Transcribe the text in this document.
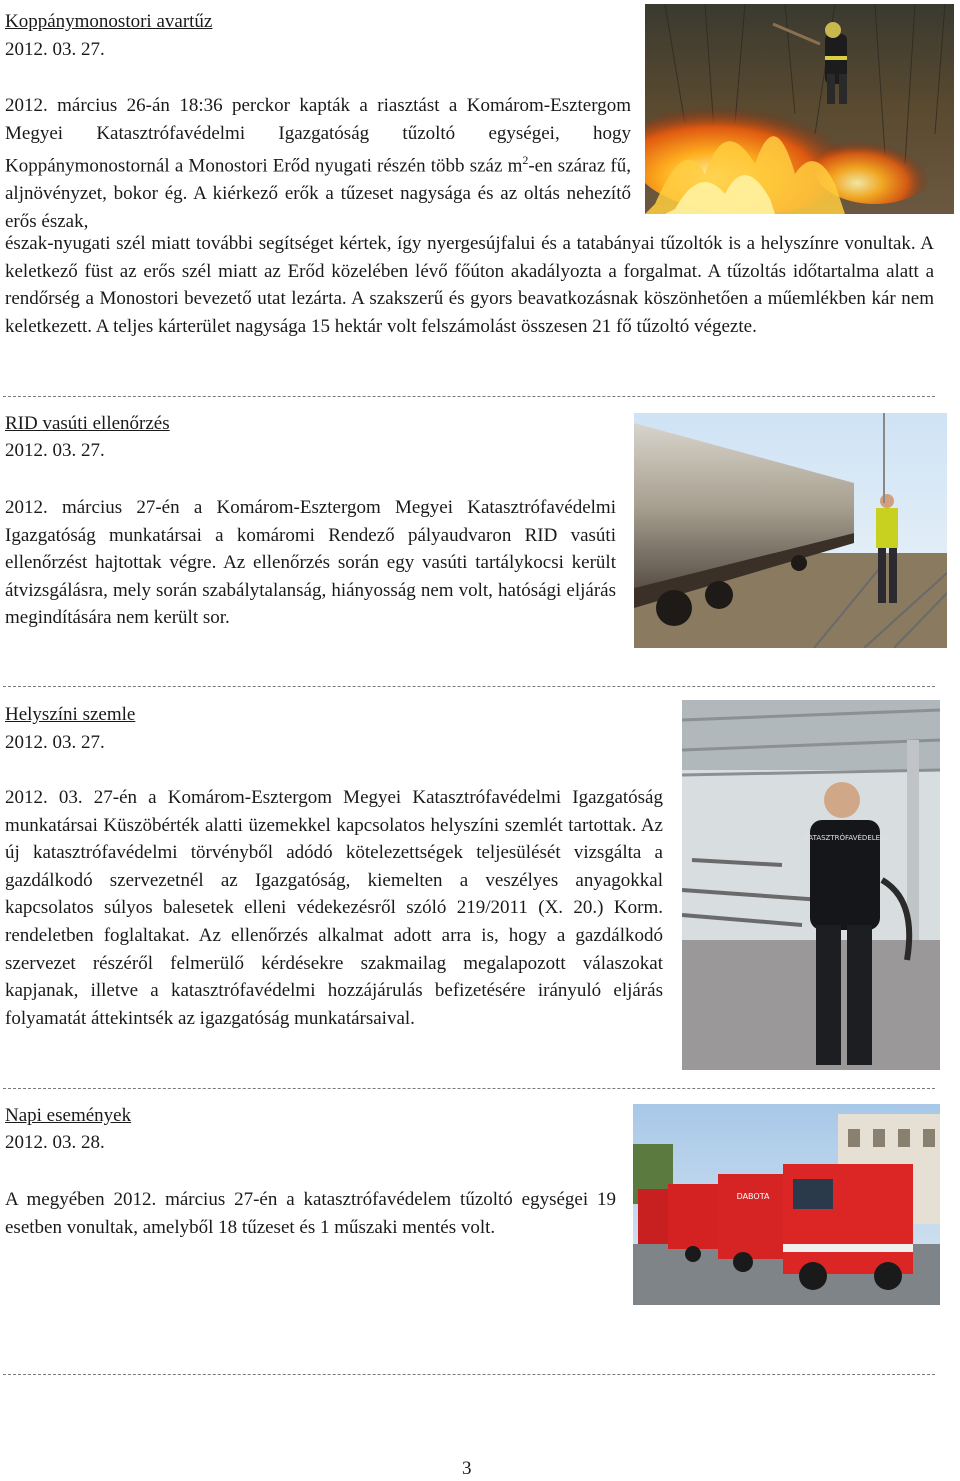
Koppánymonostori avartűz
2012. 03. 27.

2012. március 26-án 18:36 perckor kapták a riasztást a Komárom-Esztergom Megyei Katasztrófavédelmi Igazgatóság tűzoltó egységei, hogy Koppánymonostornál a Monostori Erőd nyugati részén több száz $m^2-en$ száraz fű, aljnövényzet, bokor ég. A kiérkező erők a tűzeset nagysága és az oltás nehezítő erős észak,

észak-nyugati szél miatt további segítséget kértek, így nyergesújfalui és a tatabányai tűzoltók is a helyszínre vonultak. A keletkező füst az erős szél miatt az Erőd közelében lévő főúton akadályozta a forgalmat. A tűzoltás időtartalma alatt a rendőrség a Monostori bevezető utat lezárta. A szakszerű és gyors beavatkozásnak köszönhetően a műemlékben kár nem keletkezett. A teljes kárterület nagysága 15 hektár volt felszámolást összesen 21 fő tűzoltó végezte.

RID vasúti ellenőrzés
2012. 03. 27.

2012. március 27-én a Komárom-Esztergom Megyei Katasztrófavédelmi Igazgatóság munkatársai a komáromi Rendező pályaudvaron RID vasúti ellenőrzést hajtottak végre. Az ellenőrzés során egy vasúti tartálykocsi került átvizsgálásra, mely során szabálytalanság, hiányosság nem volt, hatósági eljárás megindítására nem került sor.

Helyszíni szemle
2012. 03. 27.
KATASZTRÓFAVÉDELEM

2012. 03. 27-én a Komárom-Esztergom Megyei Katasztrófavédelmi Igazgatóság munkatársai Küszöbérték alatti üzemekkel kapcsolatos helyszíni szemlét tartottak. Az új katasztrófavédelmi törvényből adódó kötelezettségek teljesülését vizsgálta a gazdálkodó szervezetnél az Igazgatóság, kiemelten a veszélyes anyagokkal kapcsolatos súlyos balesetek elleni védekezésről szóló 219/2011 (X. 20.) Korm. rendeletben foglaltakat. Az ellenőrzés alkalmat adott arra is, hogy a gazdálkodó szervezet részéről felmerülő kérdésekre szakmailag megalapozott válaszokat kapjanak, illetve a katasztrófavédelmi hozzájárulás befizetésére irányuló eljárás folyamatát áttekintsék az igazgatóság munkatársaival.

Napi események
2012. 03. 28.
DABOTA

A megyében 2012. március 27-én a katasztrófavédelem tűzoltó egységei 19 esetben vonultak, amelyből 18 tűzeset és 1 műszaki mentés volt.

3
